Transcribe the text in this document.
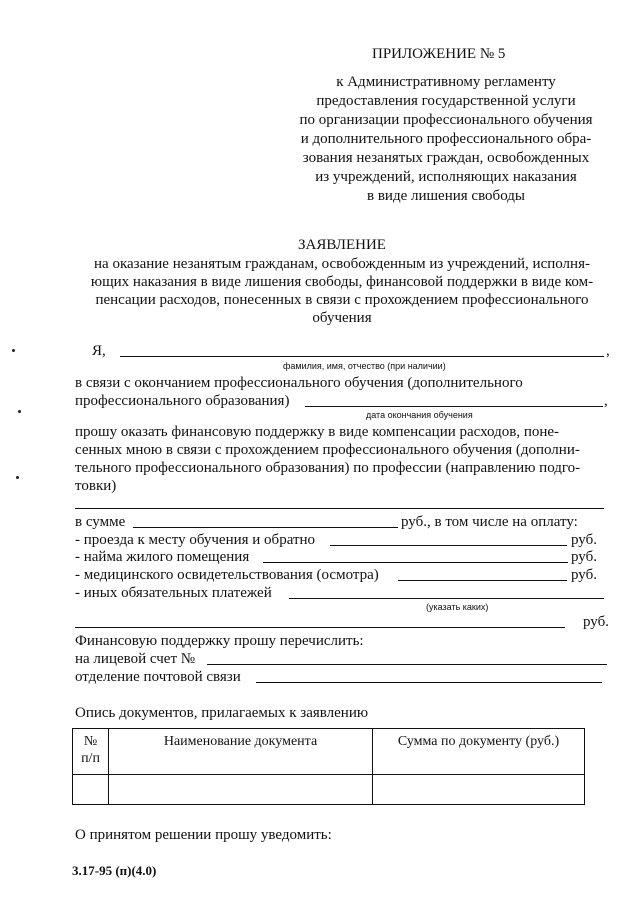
ПРИЛОЖЕНИЕ № 5
к Административному регламенту
предоставления государственной услуги
по организации профессионального обучения
и дополнительного профессионального обра-
зования незанятых граждан, освобожденных
из учреждений, исполняющих наказания
в виде лишения свободы
ЗАЯВЛЕНИЕ
на оказание незанятым гражданам, освобожденным из учреждений, исполня-
ющих наказания в виде лишения свободы, финансовой поддержки в виде ком-
пенсации расходов, понесенных в связи с прохождением профессионального
обучения
Я,	,
фамилия, имя, отчество (при наличии)
в связи с окончанием профессионального обучения (дополнительного
профессионального образования)	,
дата окончания обучения
прошу оказать финансовую поддержку в виде компенсации расходов, поне-
сенных мною в связи с прохождением профессионального обучения (дополни-
тельного профессионального образования) по профессии (направлению подго-
товки)
в сумме	руб., в том числе на оплату:
- проезда к месту обучения и обратно	руб.
- найма жилого помещения	руб.
- медицинского освидетельствования (осмотра)	руб.
- иных обязательных платежей
(указать каких)
руб.
Финансовую поддержку прошу перечислить:
на лицевой счет №
отделение почтовой связи
Опись документов, прилагаемых к заявлению
№
п/п	Наименование документа	Сумма по документу (руб.)

О принятом решении прошу уведомить:
3.17-95 (п)(4.0)
